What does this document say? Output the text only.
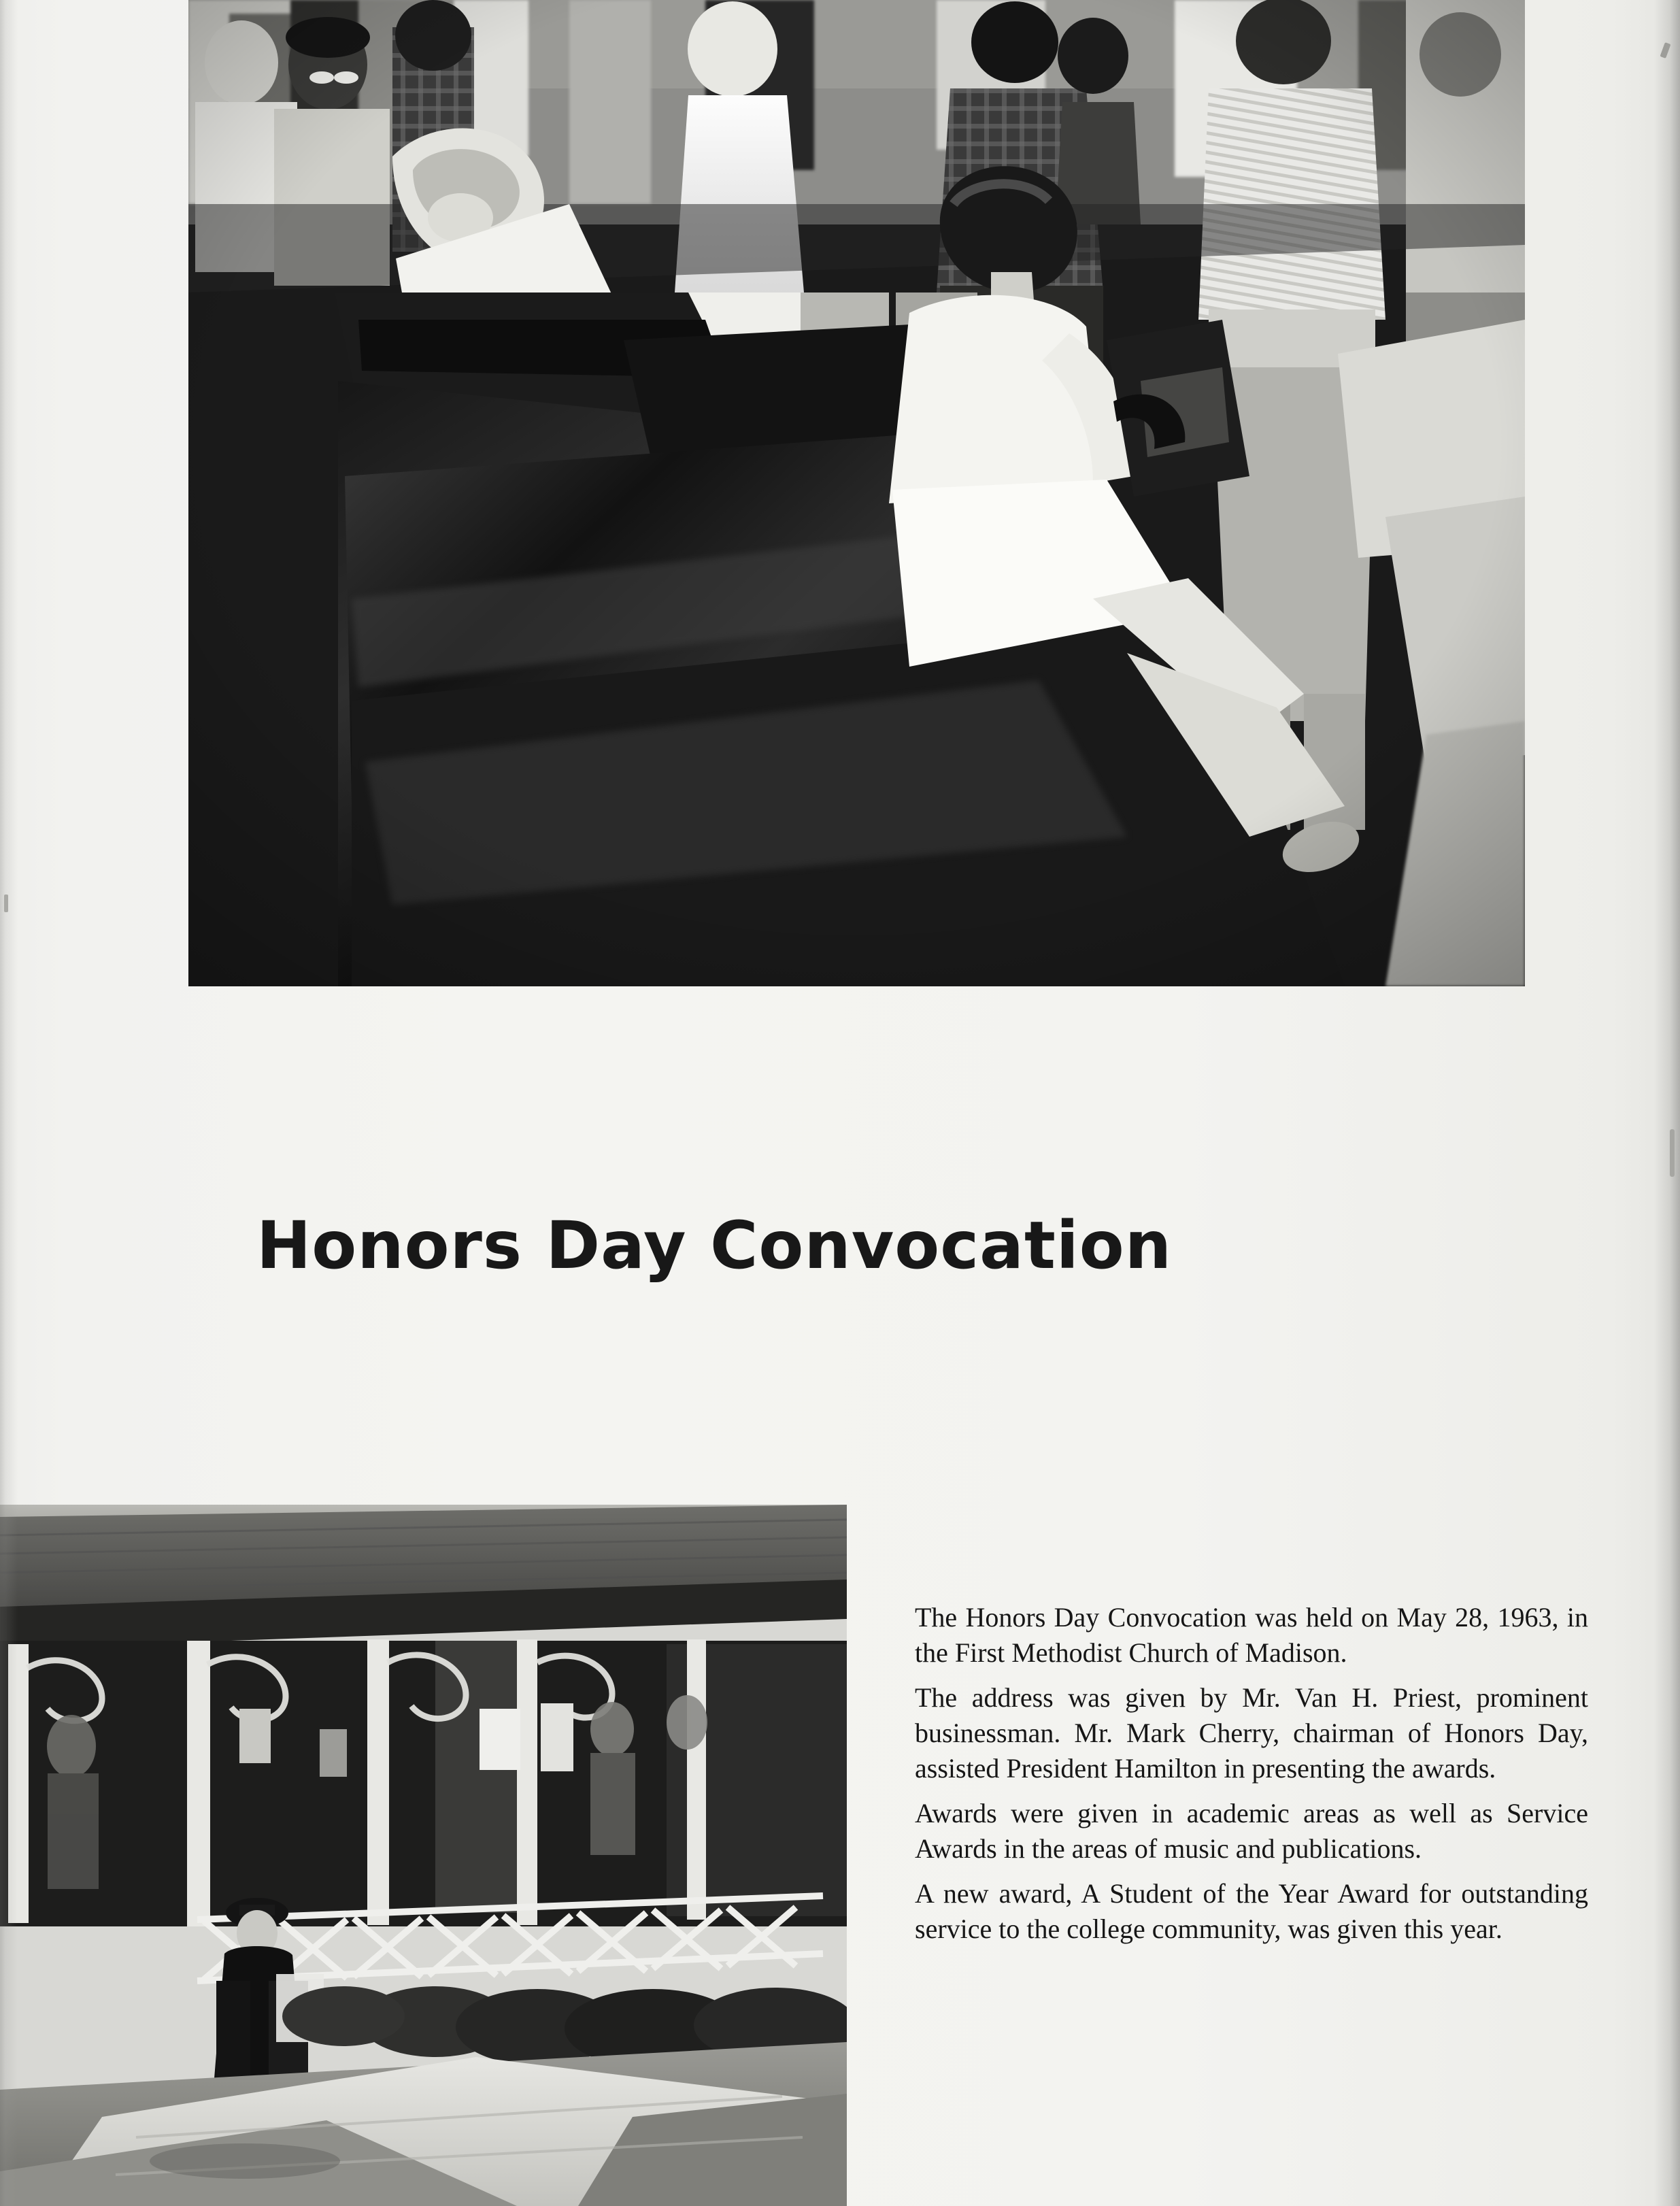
Honors Day Convocation

The Honors Day Convocation was held on May 28, 1963, in the First Methodist Church of Madison.

The address was given by Mr. Van H. Priest, prominent businessman. Mr. Mark Cherry, chairman of Honors Day, assisted President Hamilton in presenting the awards.

Awards were given in academic areas as well as Service Awards in the areas of music and publications.

A new award, A Student of the Year Award for outstanding service to the college community, was given this year.
